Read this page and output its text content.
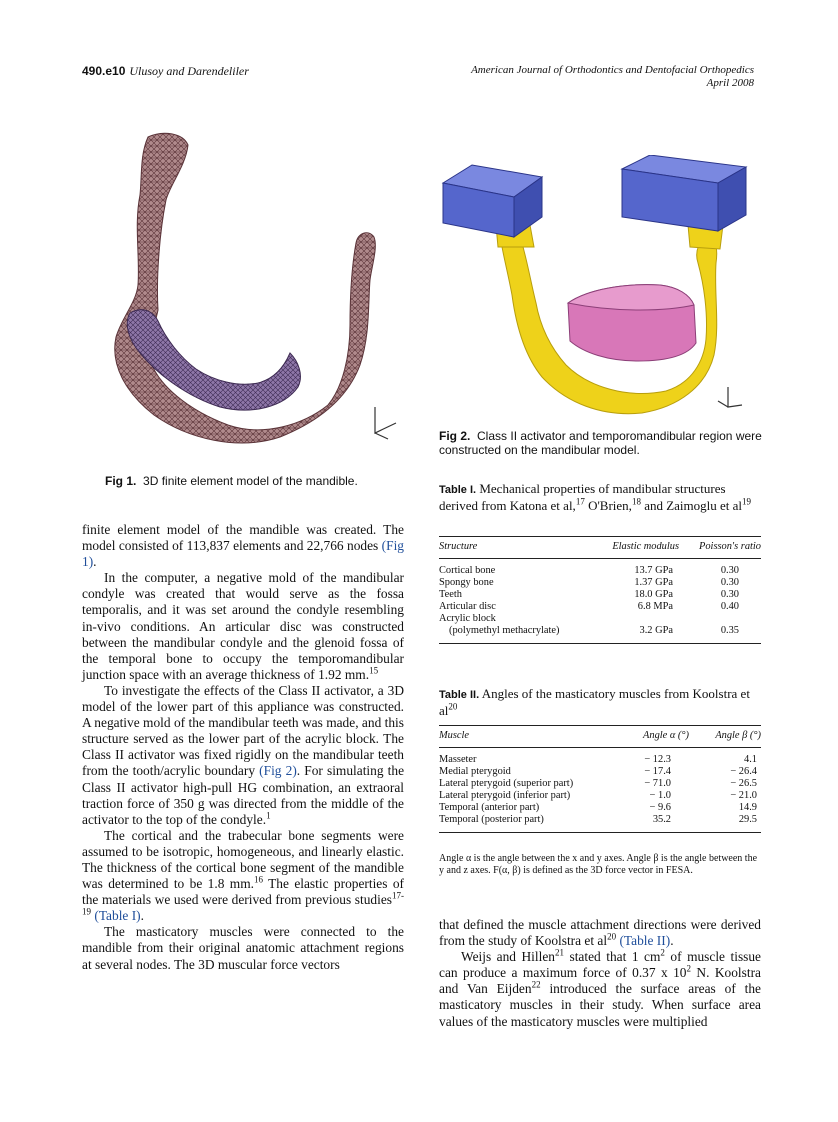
490.e10 Ulusoy and Darendeliler	American Journal of Orthodontics and Dentofacial Orthopedics
April 2008
Fig 1. 3D finite element model of the mandible.
Fig 2. Class II activator and temporomandibular region were constructed on the mandibular model.

finite element model of the mandible was created. The model consisted of 113,837 elements and 22,766 nodes (Fig 1).

In the computer, a negative mold of the mandibular condyle was created that would serve as the fossa temporalis, and it was set around the condyle resembling in-vivo conditions. An articular disc was constructed between the mandibular condyle and the glenoid fossa of the temporal bone to occupy the temporomandibular junction space with an average thickness of 1.92 mm.$^{15}$

To investigate the effects of the Class II activator, a 3D model of the lower part of this appliance was constructed. A negative mold of the mandibular teeth was made, and this structure served as the lower part of the acrylic block. The Class II activator was fixed rigidly on the mandibular teeth from the tooth/acrylic boundary (Fig 2). For simulating the Class II activator high-pull HG combination, an extraoral traction force of 350 g was directed from the middle of the activator to the top of the condyle.$^1$

The cortical and the trabecular bone segments were assumed to be isotropic, homogeneous, and linearly elastic. The thickness of the cortical bone segment of the mandible was determined to be 1.8 mm.$^{16}$ The elastic properties of the materials we used were derived from previous studies$^{17-19}$ (Table I).

The masticatory muscles were connected to the mandible from their original anatomic attachment regions at several nodes. The 3D muscular force vectors

Table I. Mechanical properties of mandibular structures derived from Katona et al,$^{17}$ O'Brien,$^{18}$ and Zaimoglu et $al^{19}$
Structure	Elastic modulus	Poisson's ratio
Cortical bone	13.7 GPa	0.30
Spongy bone	1.37 GPa	0.30
Teeth	18.0 GPa	0.30
Articular disc	6.8 MPa	0.40
Acrylic block		
(polymethyl methacrylate)	3.2 GPa	0.35
Table II. Angles of the masticatory muscles from Koolstra et $al^{20}$
Muscle	Angle α (°)	Angle β (°)
Masseter	− 12.3	4.1
Medial pterygoid	− 17.4	− 26.4
Lateral pterygoid (superior part)	− 71.0	− 26.5
Lateral pterygoid (inferior part)	− 1.0	− 21.0
Temporal (anterior part)	− 9.6	14.9
Temporal (posterior part)	35.2	29.5
Angle α is the angle between the x and y axes. Angle β is the angle between the y and z axes. F(α, β) is defined as the 3D force vector in FESA.

that defined the muscle attachment directions were derived from the study of Koolstra et $al^{20}$ (Table II).

Weijs and Hillen$^{21}$ stated that 1 $cm^2$ of muscle tissue can produce a maximum force of 0.37 x $10^2$ N. Koolstra and Van Eijden$^{22}$ introduced the surface areas of the masticatory muscles in their study. When surface area values of the masticatory muscles were multiplied
